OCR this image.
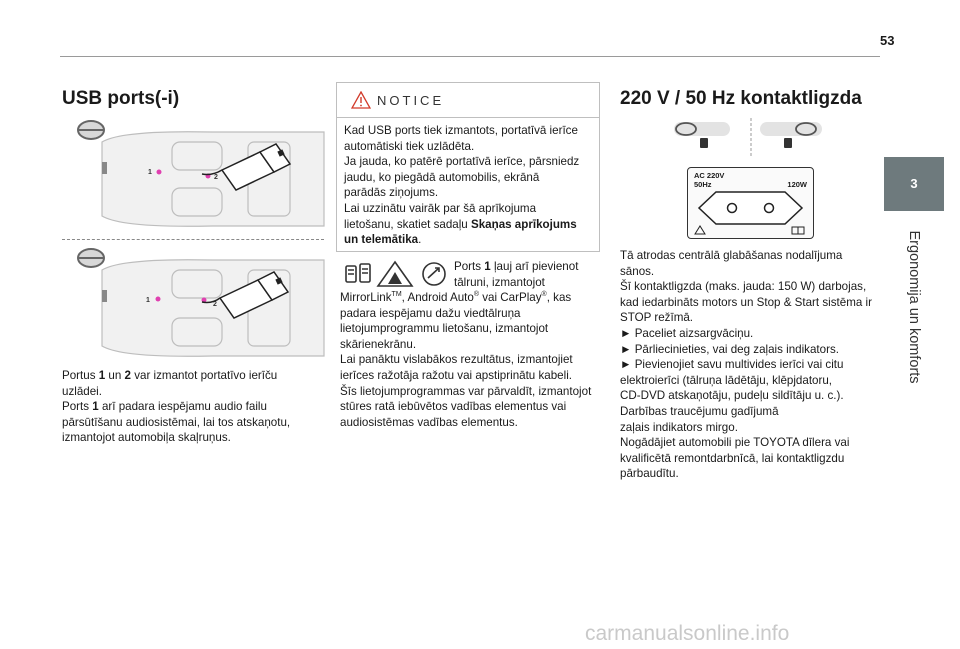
53
3
Ergonomija un komforts
USB ports(-i)
1
2
1
2

Portus 1 un 2 var izmantot portatīvo ierīču

uzlādei.

Ports 1 arī padara iespējamu audio failu

pārsūtīšanu audiosistēmai, lai tos atskaņotu,

izmantojot automobiļa skaļruņus.

NOTICE

Kad USB ports tiek izmantots, portatīvā ierīce

automātiski tiek uzlādēta.

Ja jauda, ko patērē portatīvā ierīce, pārsniedz

jaudu, ko piegādā automobilis, ekrānā

parādās ziņojums.

Lai uzzinātu vairāk par šā aprīkojuma

lietošanu, skatiet sadaļu Skaņas aprīkojums

un telemātika.

Ports 1 ļauj arī pievienot

tālruni, izmantojot

MirrorLink™, Android Auto® vai CarPlay®, kas

padara iespējamu dažu viedtālruņa

lietojumprogrammu lietošanu, izmantojot

skārienekrānu.

Lai panāktu vislabākos rezultātus, izmantojiet

ierīces ražotāja ražotu vai apstiprinātu kabeli.

Šīs lietojumprogrammas var pārvaldīt, izmantojot

stūres ratā iebūvētos vadības elementus vai

audiosistēmas vadības elementus.

220 V / 50 Hz kontaktligzda
AC 220V
50Hz	120W

Tā atrodas centrālā glabāšanas nodalījuma

sānos.

Šī kontaktligzda (maks. jauda: 150 W) darbojas,

kad iedarbināts motors un Stop & Start sistēma ir

STOP režīmā.

► Paceliet aizsargvāciņu.

► Pārliecinieties, vai deg zaļais indikators.

► Pievienojiet savu multivides ierīci vai citu

elektroierīci (tālruņa lādētāju, klēpjdatoru,

CD-DVD atskaņotāju, pudeļu sildītāju u. c.).

Darbības traucējumu gadījumā

zaļais indikators mirgo.

Nogādājiet automobili pie TOYOTA dīlera vai

kvalificētā remontdarbnīcā, lai kontaktligzdu

pārbaudītu.

carmanualsonline.info
